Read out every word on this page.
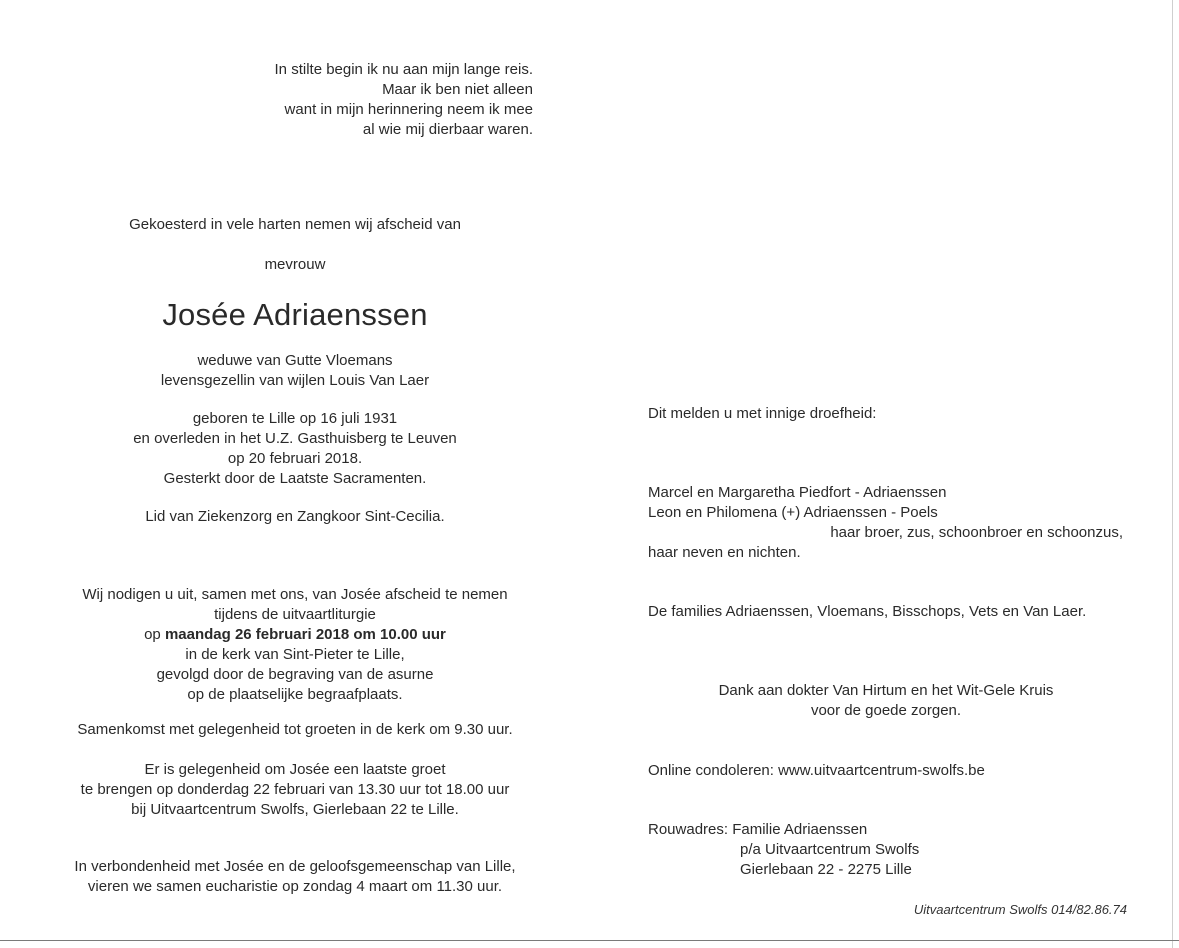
In stilte begin ik nu aan mijn lange reis.
Maar ik ben niet alleen
want in mijn herinnering neem ik mee
al wie mij dierbaar waren.
Gekoesterd in vele harten nemen wij afscheid van
mevrouw
Josée Adriaenssen
weduwe van Gutte Vloemans
levensgezellin van wijlen Louis Van Laer
geboren te Lille op 16 juli 1931
en overleden in het U.Z. Gasthuisberg te Leuven
op 20 februari 2018.
Gesterkt door de Laatste Sacramenten.
Lid van Ziekenzorg en Zangkoor Sint-Cecilia.
Wij nodigen u uit, samen met ons, van Josée afscheid te nemen
tijdens de uitvaartliturgie
op maandag 26 februari 2018 om 10.00 uur
in de kerk van Sint-Pieter te Lille,
gevolgd door de begraving van de asurne
op de plaatselijke begraafplaats.
Samenkomst met gelegenheid tot groeten in de kerk om 9.30 uur.
Er is gelegenheid om Josée een laatste groet
te brengen op donderdag 22 februari van 13.30 uur tot 18.00 uur
bij Uitvaartcentrum Swolfs, Gierlebaan 22 te Lille.
In verbondenheid met Josée en de geloofsgemeenschap van Lille,
vieren we samen eucharistie op zondag 4 maart om 11.30 uur.
Dit melden u met innige droefheid:
Marcel en Margaretha Piedfort - Adriaenssen
Leon en Philomena (+) Adriaenssen - Poels
haar broer, zus, schoonbroer en schoonzus,
haar neven en nichten.
De families Adriaenssen, Vloemans, Bisschops, Vets en Van Laer.
Dank aan dokter Van Hirtum en het Wit-Gele Kruis
voor de goede zorgen.
Online condoleren: www.uitvaartcentrum-swolfs.be
Rouwadres: Familie Adriaenssen
p/a Uitvaartcentrum Swolfs
Gierlebaan 22 - 2275 Lille
Uitvaartcentrum Swolfs 014/82.86.74
